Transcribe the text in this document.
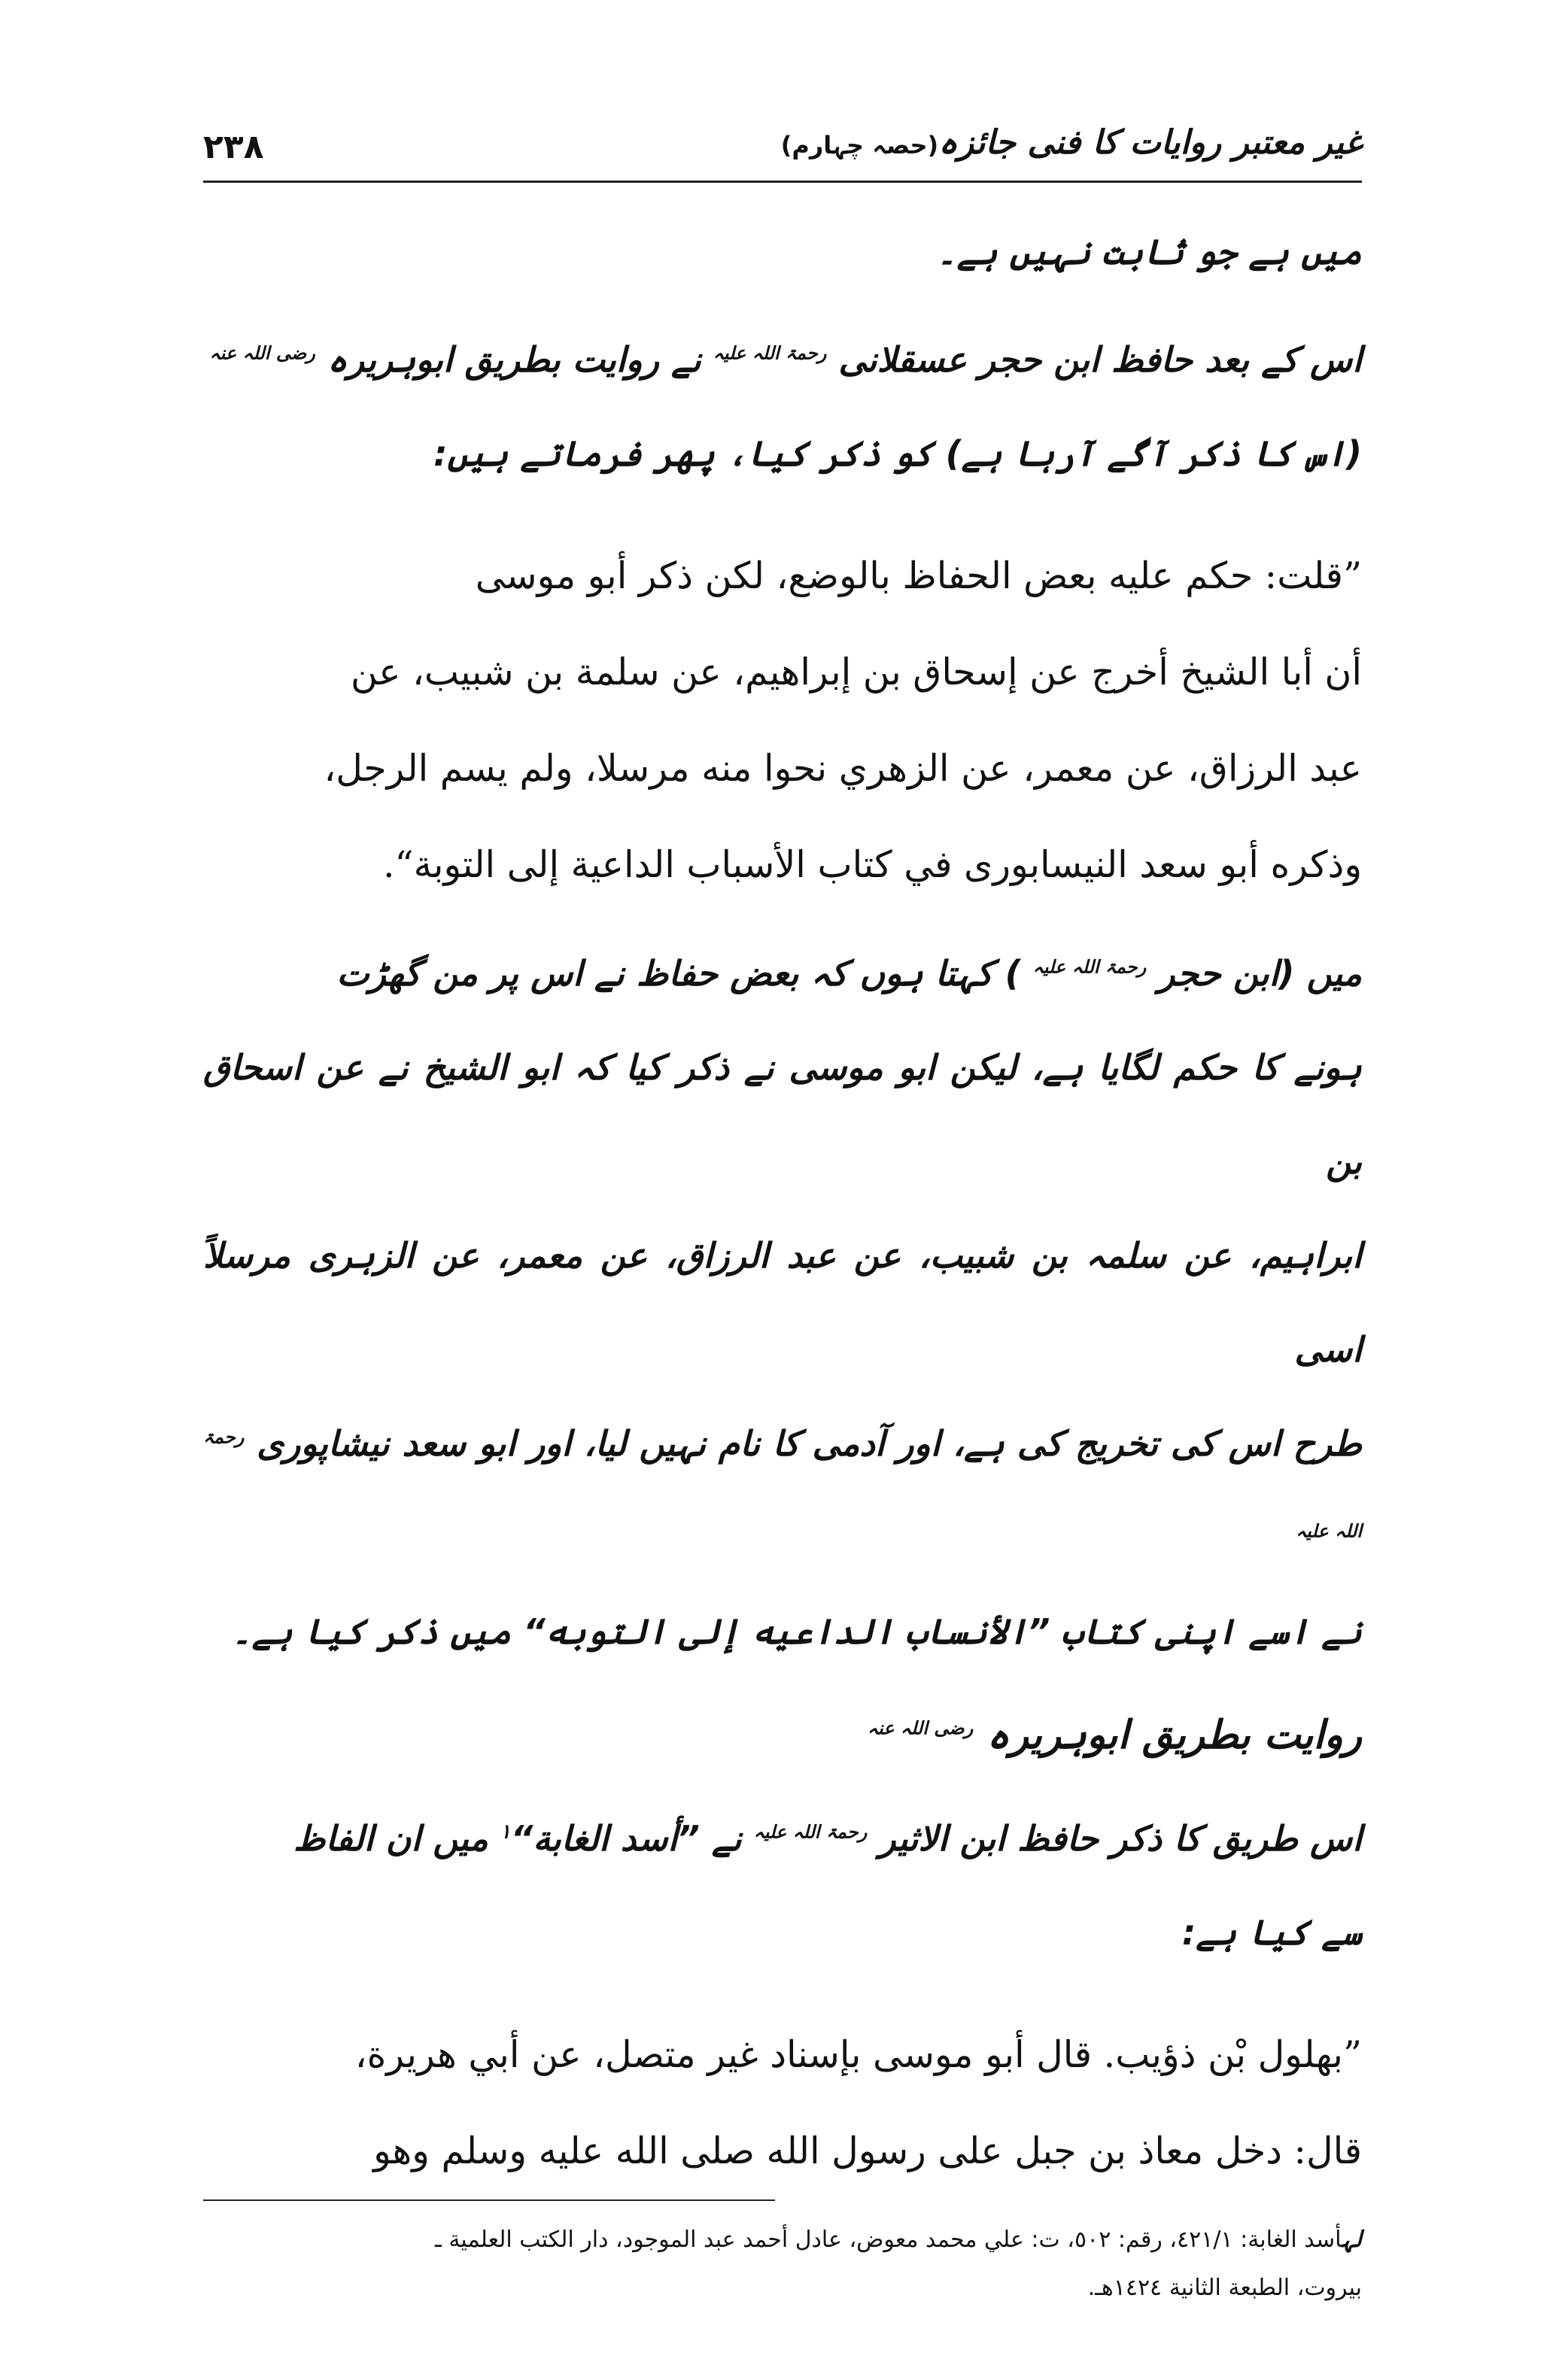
غیر معتبر روایات کا فنی جائزہ(حصہ چہارم)
۲۳۸

میں ہے جو ثابت نہیں ہے۔

اس کے بعد حافظ ابن حجر عسقلانی $^{رحمۃ اللہ علیہ}$ نے روایت بطریق ابوہریرہ $^{رضی اللہ عنہ}$
(اس کا ذکر آگے آرہا ہے) کو ذکر کیا، پھر فرماتے ہیں:

”قلت: حكم عليه بعض الحفاظ بالوضع، لكن ذكر أبو موسى

أن أبا الشيخ أخرج عن إسحاق بن إبراهيم، عن سلمة بن شبيب، عن

عبد الرزاق، عن معمر، عن الزهري نحوا منه مرسلا، ولم يسم الرجل،

وذكره أبو سعد النيسابورى في كتاب الأسباب الداعية إلى التوبة“.

میں (ابن حجر $^{رحمۃ اللہ علیہ}$ ) کہتا ہوں کہ بعض حفاظ نے اس پر من گھڑت

ہونے کا حکم لگایا ہے، لیکن ابو موسی نے ذکر کیا کہ ابو الشیخ نے عن اسحاق بن

ابراہیم، عن سلمہ بن شبیب، عن عبد الرزاق، عن معمر، عن الزہری مرسلاً اسی

طرح اس کی تخریج کی ہے، اور آدمی کا نام نہیں لیا، اور ابو سعد نیشاپوری $^{رحمۃ اللہ علیہ}$

نے اسے اپنی کتاب ”الأنساب الداعيه إلى التوبه“ میں ذکر کیا ہے۔

روایت بطریق ابوہریرہ $^{رضی اللہ عنہ}$

اس طریق کا ذکر حافظ ابن الاثیر $^{رحمۃ اللہ علیہ}$ نے ”أسد الغابة“$^۱$ میں ان الفاظ

سے کیا ہے:

”بهلول بْن ذؤيب. قال أبو موسى بإسناد غير متصل، عن أبي هريرة،

قال: دخل معاذ بن جبل على رسول الله صلى الله عليه وسلم وهو

لہأسد الغابة: ٤٢١/١، رقم: ٥٠٢، ت: علي محمد معوض، عادل أحمد عبد الموجود، دار الكتب العلمية ـ
بيروت، الطبعة الثانية ١٤٢٤هـ.
